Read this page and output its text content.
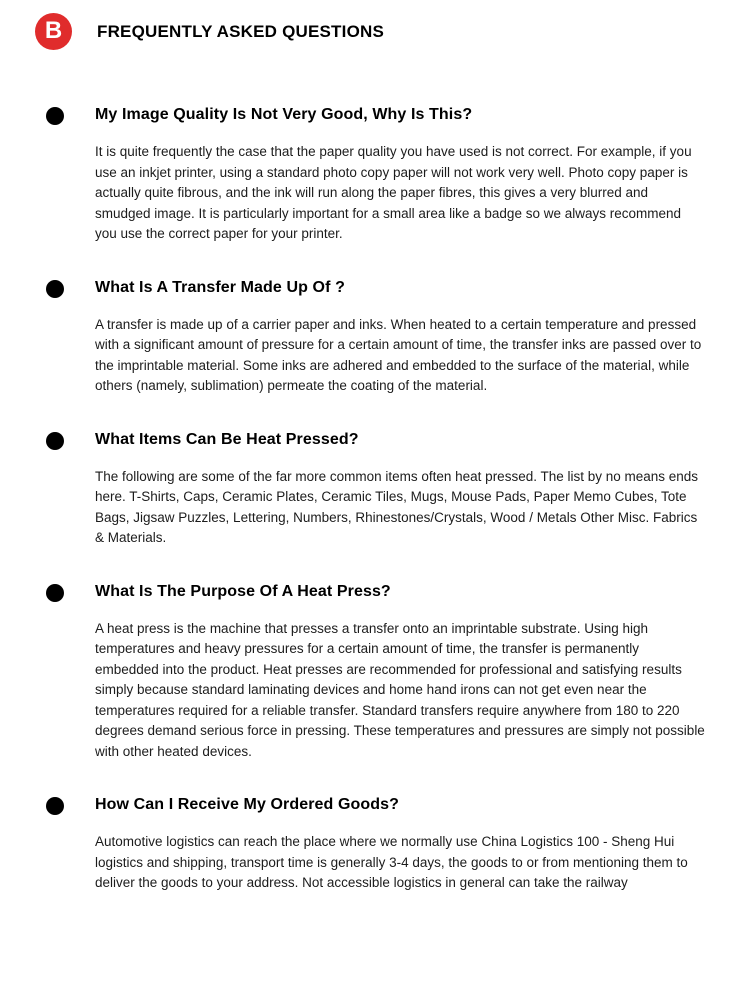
B FREQUENTLY ASKED QUESTIONS
My Image Quality Is Not Very Good, Why Is This?

It is quite frequently the case that the paper quality you have used is not correct. For example, if you use an inkjet printer, using a standard photo copy paper will not work very well. Photo copy paper is actually quite fibrous, and the ink will run along the paper fibres, this gives a very blurred and smudged image. It is particularly important for a small area like a badge so we always recommend you use the correct paper for your printer.

What Is A Transfer Made Up Of ?

A transfer is made up of a carrier paper and inks. When heated to a certain temperature and pressed with a significant amount of pressure for a certain amount of time, the transfer inks are passed over to the imprintable material. Some inks are adhered and embedded to the surface of the material, while others (namely, sublimation) permeate the coating of the material.

What Items Can Be Heat Pressed?

The following are some of the far more common items often heat pressed. The list by no means ends here. T-Shirts, Caps, Ceramic Plates, Ceramic Tiles, Mugs, Mouse Pads, Paper Memo Cubes, Tote Bags, Jigsaw Puzzles, Lettering, Numbers, Rhinestones/Crystals, Wood / Metals Other Misc. Fabrics & Materials.

What Is The Purpose Of A Heat Press?

A heat press is the machine that presses a transfer onto an imprintable substrate. Using high temperatures and heavy pressures for a certain amount of time, the transfer is permanently embedded into the product. Heat presses are recommended for professional and satisfying results simply because standard laminating devices and home hand irons can not get even near the temperatures required for a reliable transfer. Standard transfers require anywhere from 180 to 220 degrees demand serious force in pressing. These temperatures and pressures are simply not possible with other heated devices.

How Can I Receive My Ordered Goods?

Automotive logistics can reach the place where we normally use China Logistics 100 - Sheng Hui logistics and shipping, transport time is generally 3-4 days, the goods to or from mentioning them to deliver the goods to your address. Not accessible logistics in general can take the railway
